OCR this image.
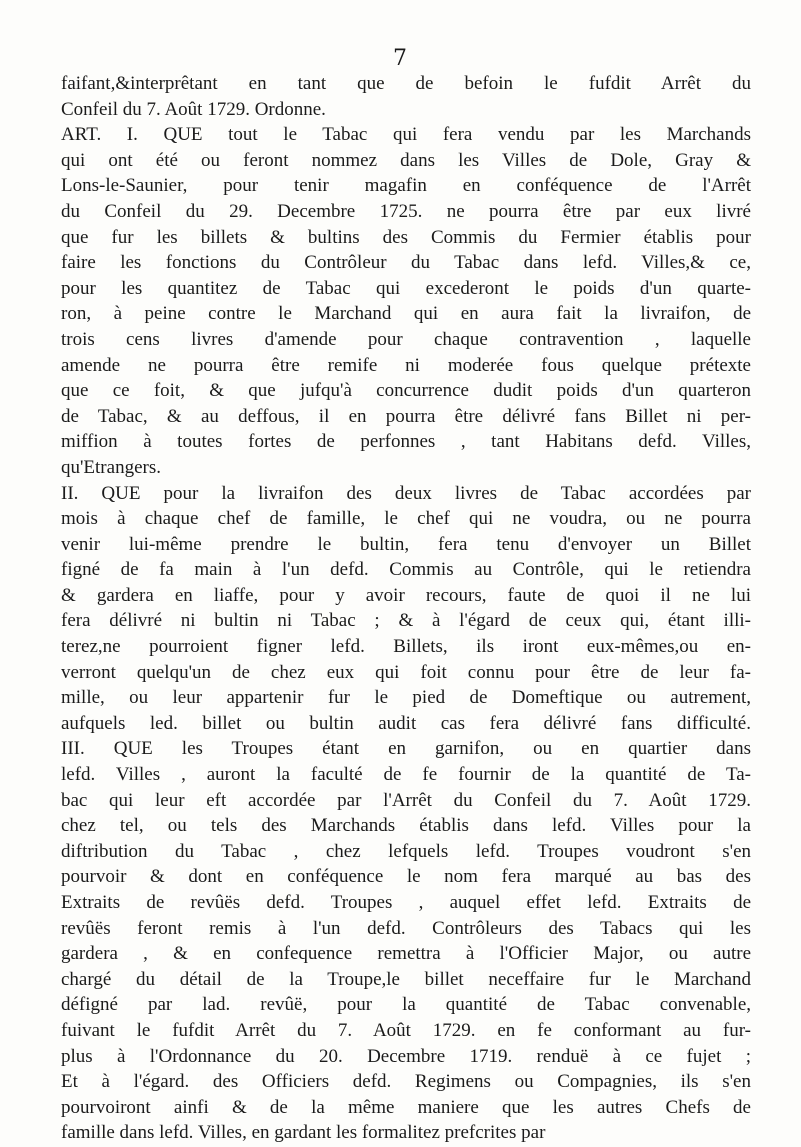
7
faifant,&interprêtant en tant que de befoin le fufdit Arrêt du
Confeil du 7. Août 1729. Ordonne.
ART. I. QUE tout le Tabac qui fera vendu par les Marchands
qui ont été ou feront nommez dans les Villes de Dole, Gray &
Lons-le-Saunier, pour tenir magafin en conféquence de l'Arrêt
du Confeil du 29. Decembre 1725. ne pourra être par eux livré
que fur les billets & bultins des Commis du Fermier établis pour
faire les fonctions du Contrôleur du Tabac dans lefd. Villes,& ce,
pour les quantitez de Tabac qui excederont le poids d'un quarte-
ron, à peine contre le Marchand qui en aura fait la livraifon, de
trois cens livres d'amende pour chaque contravention , laquelle
amende ne pourra être remife ni moderée fous quelque prétexte
que ce foit, & que jufqu'à concurrence dudit poids d'un quarteron
de Tabac, & au deffous, il en pourra être délivré fans Billet ni per-
miffion à toutes fortes de perfonnes , tant Habitans defd. Villes,
qu'Etrangers.
II. QUE pour la livraifon des deux livres de Tabac accordées par
mois à chaque chef de famille, le chef qui ne voudra, ou ne pourra
venir lui-même prendre le bultin, fera tenu d'envoyer un Billet
figné de fa main à l'un defd. Commis au Contrôle, qui le retiendra
& gardera en liaffe, pour y avoir recours, faute de quoi il ne lui
fera délivré ni bultin ni Tabac ; & à l'égard de ceux qui, étant illi-
terez,ne pourroient figner lefd. Billets, ils iront eux-mêmes,ou en-
verront quelqu'un de chez eux qui foit connu pour être de leur fa-
mille, ou leur appartenir fur le pied de Domeftique ou autrement,
aufquels led. billet ou bultin audit cas fera délivré fans difficulté.
III. QUE les Troupes étant en garnifon, ou en quartier dans
lefd. Villes , auront la faculté de fe fournir de la quantité de Ta-
bac qui leur eft accordée par l'Arrêt du Confeil du 7. Août 1729.
chez tel, ou tels des Marchands établis dans lefd. Villes pour la
diftribution du Tabac , chez lefquels lefd. Troupes voudront s'en
pourvoir & dont en conféquence le nom fera marqué au bas des
Extraits de revûës defd. Troupes , auquel effet lefd. Extraits de
revûës feront remis à l'un defd. Contrôleurs des Tabacs qui les
gardera , & en confequence remettra à l'Officier Major, ou autre
chargé du détail de la Troupe,le billet neceffaire fur le Marchand
défigné par lad. revûë, pour la quantité de Tabac convenable,
fuivant le fufdit Arrêt du 7. Août 1729. en fe conformant au fur-
plus à l'Ordonnance du 20. Decembre 1719. renduë à ce fujet ;
Et à l'égard. des Officiers defd. Regimens ou Compagnies, ils s'en
pourvoiront ainfi & de la même maniere que les autres Chefs de
famille dans lefd. Villes, en gardant les formalitez prefcrites par
